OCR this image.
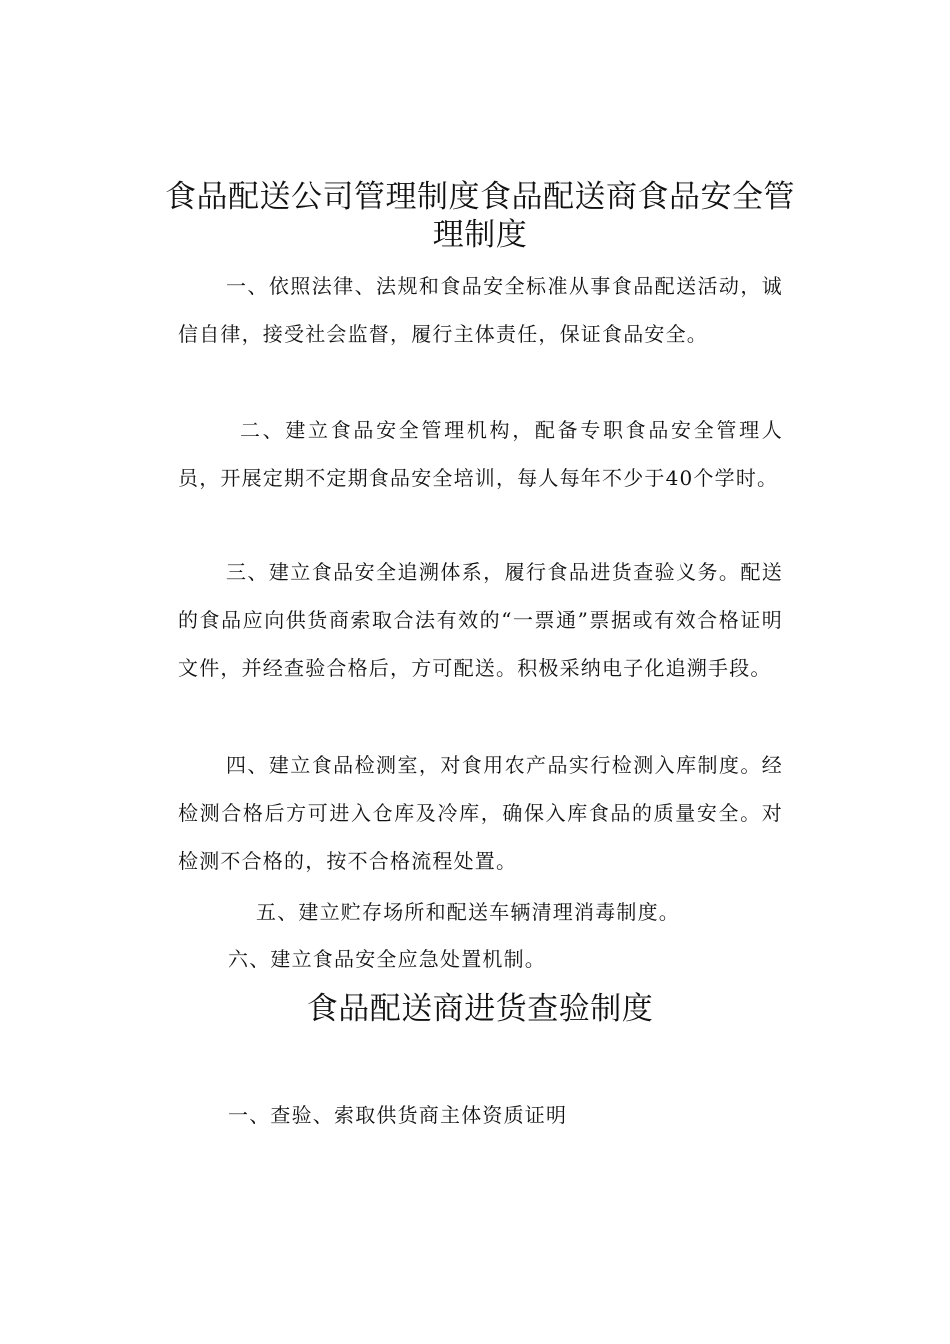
食品配送公司管理制度食品配送商食品安全管理制度

一、依照法律、法规和食品安全标准从事食品配送活动，诚信自律，接受社会监督，履行主体责任，保证食品安全。

二、建立食品安全管理机构，配备专职食品安全管理人员，开展定期不定期食品安全培训，每人每年不少于40个学时。

三、建立食品安全追溯体系，履行食品进货查验义务。配送的食品应向供货商索取合法有效的“一票通”票据或有效合格证明文件，并经查验合格后，方可配送。积极采纳电子化追溯手段。

四、建立食品检测室，对食用农产品实行检测入库制度。经检测合格后方可进入仓库及冷库，确保入库食品的质量安全。对检测不合格的，按不合格流程处置。

五、建立贮存场所和配送车辆清理消毒制度。

六、建立食品安全应急处置机制。

食品配送商进货查验制度

一、查验、索取供货商主体资质证明
